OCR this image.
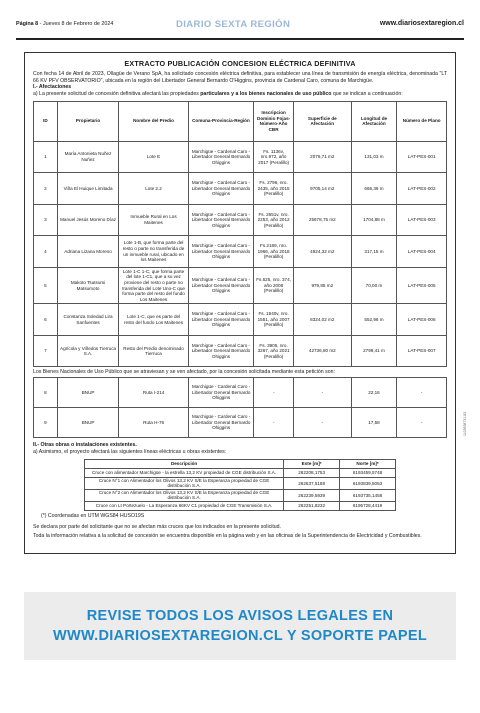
Página 8 - Jueves 8 de Febrero de 2024	DIARIO SEXTA REGIÓN	www.diariosextaregion.cl
EXTRACTO PUBLICACIÓN CONCESION ELÉCTRICA DEFINITIVA
Con fecha 14 de Abril de 2023, Ollagüe de Verano SpA, ha solicitado concesión eléctrica definitiva, para establecer una línea de transmisión de energía eléctrica, denominada "LT 66 KV PFV OBSERVATORIO", ubicada en la región del Libertador General Bernardo O'Higgins, provincia de Cardenal Caro, comuna de Marchigüe.
I.- Afectaciones
a) La presente solicitud de concesión definitiva afectará las propiedades particulares y a los bienes nacionales de uso público que se indican a continuación:
ID	Propietario	Nombre del Predio	Comuna-Provincia-Región	Inscripcion Dominio Fojas-Número-Año CBR	Superficie de Afectación	Longitud de Afectación	Número de Plano
1	María Antonieta Nuñez Nuñez	Lote E	Marchigüe - Cardenal Caro - Libertador General Bernardo Ohiggins	Fs. 1136v, nro.972, año 2017 (Peralillo)	2076,71 m2	131,03 m	LAT-PES-001
2	Viña El Huique Limitada	Lote 2.2	Marchigüe - Cardenal Caro - Libertador General Bernardo Ohiggins	Fs. 2796, nro. 2435, año 2015 (Peralillo)	9705,14 m2	666,36 m	LAT-PES-002
3	Manuel Jesús Moreno Díaz	Inmueble Rural en Los Maitenes	Marchigüe - Cardenal Caro - Libertador General Bernardo Ohiggins	Fs. 2651v, nro. 2253, año 2012 (Peralillo)	25678,75 m2	1704,88 m	LAT-PES-003
4	Adriana Lizana Moreno	Lote 1-B, que forma parte del resto o parte no transferida de un inmueble rural, ubicado en los Maitenes	Marchigüe - Cardenal Caro - Libertador General Bernardo Ohiggins	Fs.2189, nro. 1966, año 2018 (Peralillo)	4924,32 m2	317,15 m	LAT-PES-004
5	Makoto Tsutsumi Matsumoto	Lote 1-C 1-C, que forma parte del lote 1-C1, que a su vez proviene del resto o parte no transferida del Lote Uno-C que forma parte del resto del fundo Los Maitenes	Marchigüe - Cardenal Caro - Libertador General Bernardo Ohiggins	Fs.625, nro. 374, año 2008 (Peralillo)	979,85 m2	70,00 m	LAT-PES-005
6	Constanza Soledad Lira Sanfuentes	Lote 1-C, que es parte del resto del fundo Los Maitenes	Marchigüe - Cardenal Caro - Libertador General Bernardo Ohiggins	Fs. 1940v, nro. 1551, año 2007 (Peralillo)	8324,02 m2	552,96 m	LAT-PES-006
7	Agrícola y Viñedos Tierruca S.A.	Resto del Predio denominado Tierruca	Marchigüe - Cardenal Caro - Libertador General Bernardo Ohiggins	Fs. 3905, nro. 3267, año 2021 (Peralillo)	42736,80 m2	2799,41 m	LAT-PES-007
Los Bienes Nacionales de Uso Público que se atraviesan y se ven afectado, por la concesión solicitada mediante esta petición son:
8	BNUP	Ruta I-214	Marchigüe - Cardenal Caro - Libertador General Bernardo Ohiggins	-	-	22,16	-
9	BNUP	Ruta H-76	Marchigüe - Cardenal Caro - Libertador General Bernardo Ohiggins	-	-	17,58	-
II.- Otras obras o instalaciones existentes.
a) Asimismo, el proyecto afectará las siguientes líneas eléctricas u obras existentes:
Descripción	Este [m]*	Norte [m]*
Cruce con alimentador Marchigüe - la estrella 13,2 KV propiedad de CGE distribución S.A.	262208,1753	6193459,5748
Cruce N°1 con Alimentador los Olivos 13,2 KV S/E la Esperanza propiedad de CGE distribución S.A.	262637,5188	6193839,5053
Cruce N°2 con Alimentador los Olivos 13,2 KV S/E la Esperanza propiedad de CGE distribución S.A.	262239,5939	6193735,1458
Cruce con Lt Portezuelo - La Esperanza 66KV C1 propiedad de CGE Transmisión S.A.	262251,8232	6195728,4419
(*) Coordenadas en UTM WGS84 HUSO19S
Se declara por parte del solicitante que no se afectan más cruces que los indicados en la presente solicitud.
Toda la información relativa a la solicitud de concesión se encuentra disponible en la página web y en las oficinas de la Superintendencia de Electricidad y Combustibles.
1103938731-82
REVISE TODOS LOS AVISOS LEGALES EN
WWW.DIARIOSEXTAREGION.CL Y SOPORTE PAPEL
